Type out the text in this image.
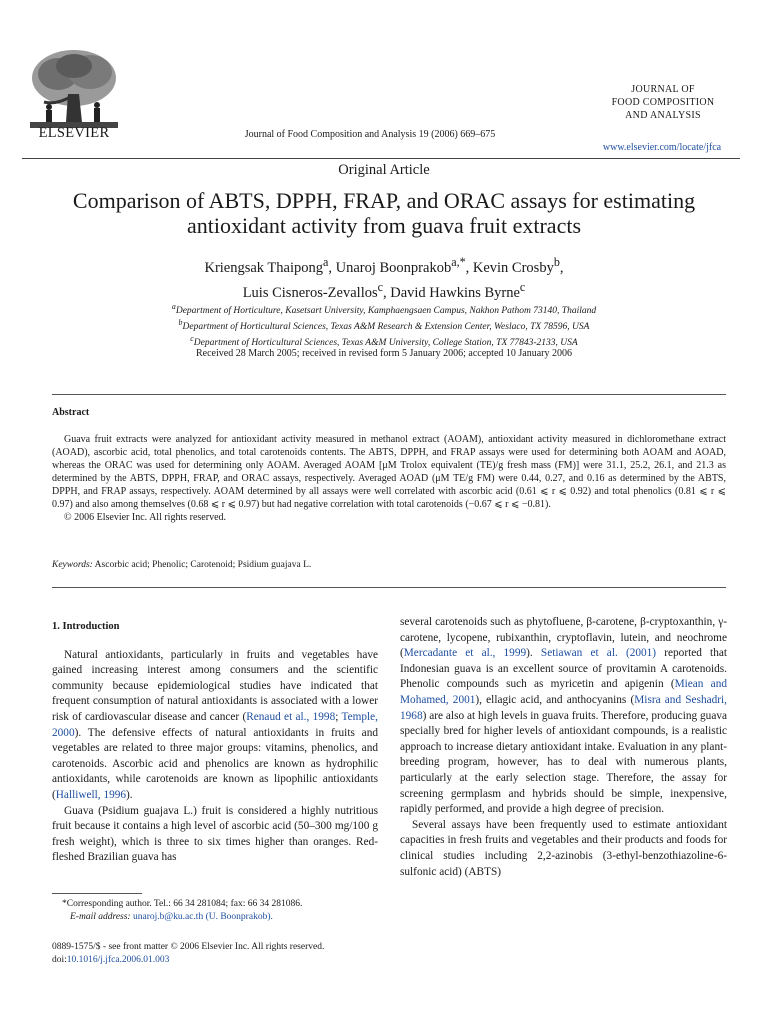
ELSEVIER	Journal of Food Composition and Analysis 19 (2006) 669–675
JOURNAL OF
FOOD COMPOSITION
AND ANALYSIS
www.elsevier.com/locate/jfca
Original Article
Comparison of ABTS, DPPH, FRAP, and ORAC assays for estimating antioxidant activity from guava fruit extracts
Kriengsak Thaipong$^a$, Unaroj Boonprakob$^{a,*}$, Kevin Crosby$^b$,
Luis Cisneros-Zevallos$^c$, David Hawkins Byrne$^c$
$^a$Department of Horticulture, Kasetsart University, Kamphaengsaen Campus, Nakhon Pathom 73140, Thailand
$^b$Department of Horticultural Sciences, Texas A&M Research & Extension Center, Weslaco, TX 78596, USA
$^c$Department of Horticultural Sciences, Texas A&M University, College Station, TX 77843-2133, USA
Received 28 March 2005; received in revised form 5 January 2006; accepted 10 January 2006
Abstract
Guava fruit extracts were analyzed for antioxidant activity measured in methanol extract (AOAM), antioxidant activity measured in dichloromethane extract (AOAD), ascorbic acid, total phenolics, and total carotenoids contents. The ABTS, DPPH, and FRAP assays were used for determining both AOAM and AOAD, whereas the ORAC was used for determining only AOAM. Averaged AOAM [μM Trolox equivalent (TE)/g fresh mass (FM)] were 31.1, 25.2, 26.1, and 21.3 as determined by the ABTS, DPPH, FRAP, and ORAC assays, respectively. Averaged AOAD (μM TE/g FM) were 0.44, 0.27, and 0.16 as determined by the ABTS, DPPH, and FRAP assays, respectively. AOAM determined by all assays were well correlated with ascorbic acid (0.61 ⩽ r ⩽ 0.92) and total phenolics (0.81 ⩽ r ⩽ 0.97) and also among themselves (0.68 ⩽ r ⩽ 0.97) but had negative correlation with total carotenoids (−0.67 ⩽ r ⩽ −0.81).
© 2006 Elsevier Inc. All rights reserved.
Keywords: Ascorbic acid; Phenolic; Carotenoid; Psidium guajava L.
1. Introduction

Natural antioxidants, particularly in fruits and vegetables have gained increasing interest among consumers and the scientific community because epidemiological studies have indicated that frequent consumption of natural antioxidants is associated with a lower risk of cardiovascular disease and cancer (Renaud et al., 1998; Temple, 2000). The defensive effects of natural antioxidants in fruits and vegetables are related to three major groups: vitamins, phenolics, and carotenoids. Ascorbic acid and phenolics are known as hydrophilic antioxidants, while carotenoids are known as lipophilic antioxidants (Halliwell, 1996).

Guava (Psidium guajava L.) fruit is considered a highly nutritious fruit because it contains a high level of ascorbic acid (50–300 mg/100 g fresh weight), which is three to six times higher than oranges. Red-fleshed Brazilian guava has

several carotenoids such as phytofluene, β-carotene, β-cryptoxanthin, γ-carotene, lycopene, rubixanthin, cryptoflavin, lutein, and neochrome (Mercadante et al., 1999). Setiawan et al. (2001) reported that Indonesian guava is an excellent source of provitamin A carotenoids. Phenolic compounds such as myricetin and apigenin (Miean and Mohamed, 2001), ellagic acid, and anthocyanins (Misra and Seshadri, 1968) are also at high levels in guava fruits. Therefore, producing guava specially bred for higher levels of antioxidant compounds, is a realistic approach to increase dietary antioxidant intake. Evaluation in any plant-breeding program, however, has to deal with numerous plants, particularly at the early selection stage. Therefore, the assay for screening germplasm and hybrids should be simple, inexpensive, rapidly performed, and provide a high degree of precision.

Several assays have been frequently used to estimate antioxidant capacities in fresh fruits and vegetables and their products and foods for clinical studies including 2,2-azinobis (3-ethyl-benzothiazoline-6-sulfonic acid) (ABTS)

*Corresponding author. Tel.: 66 34 281084; fax: 66 34 281086.
E-mail address: unaroj.b@ku.ac.th (U. Boonprakob).
0889-1575/$ - see front matter © 2006 Elsevier Inc. All rights reserved.
doi:10.1016/j.jfca.2006.01.003
